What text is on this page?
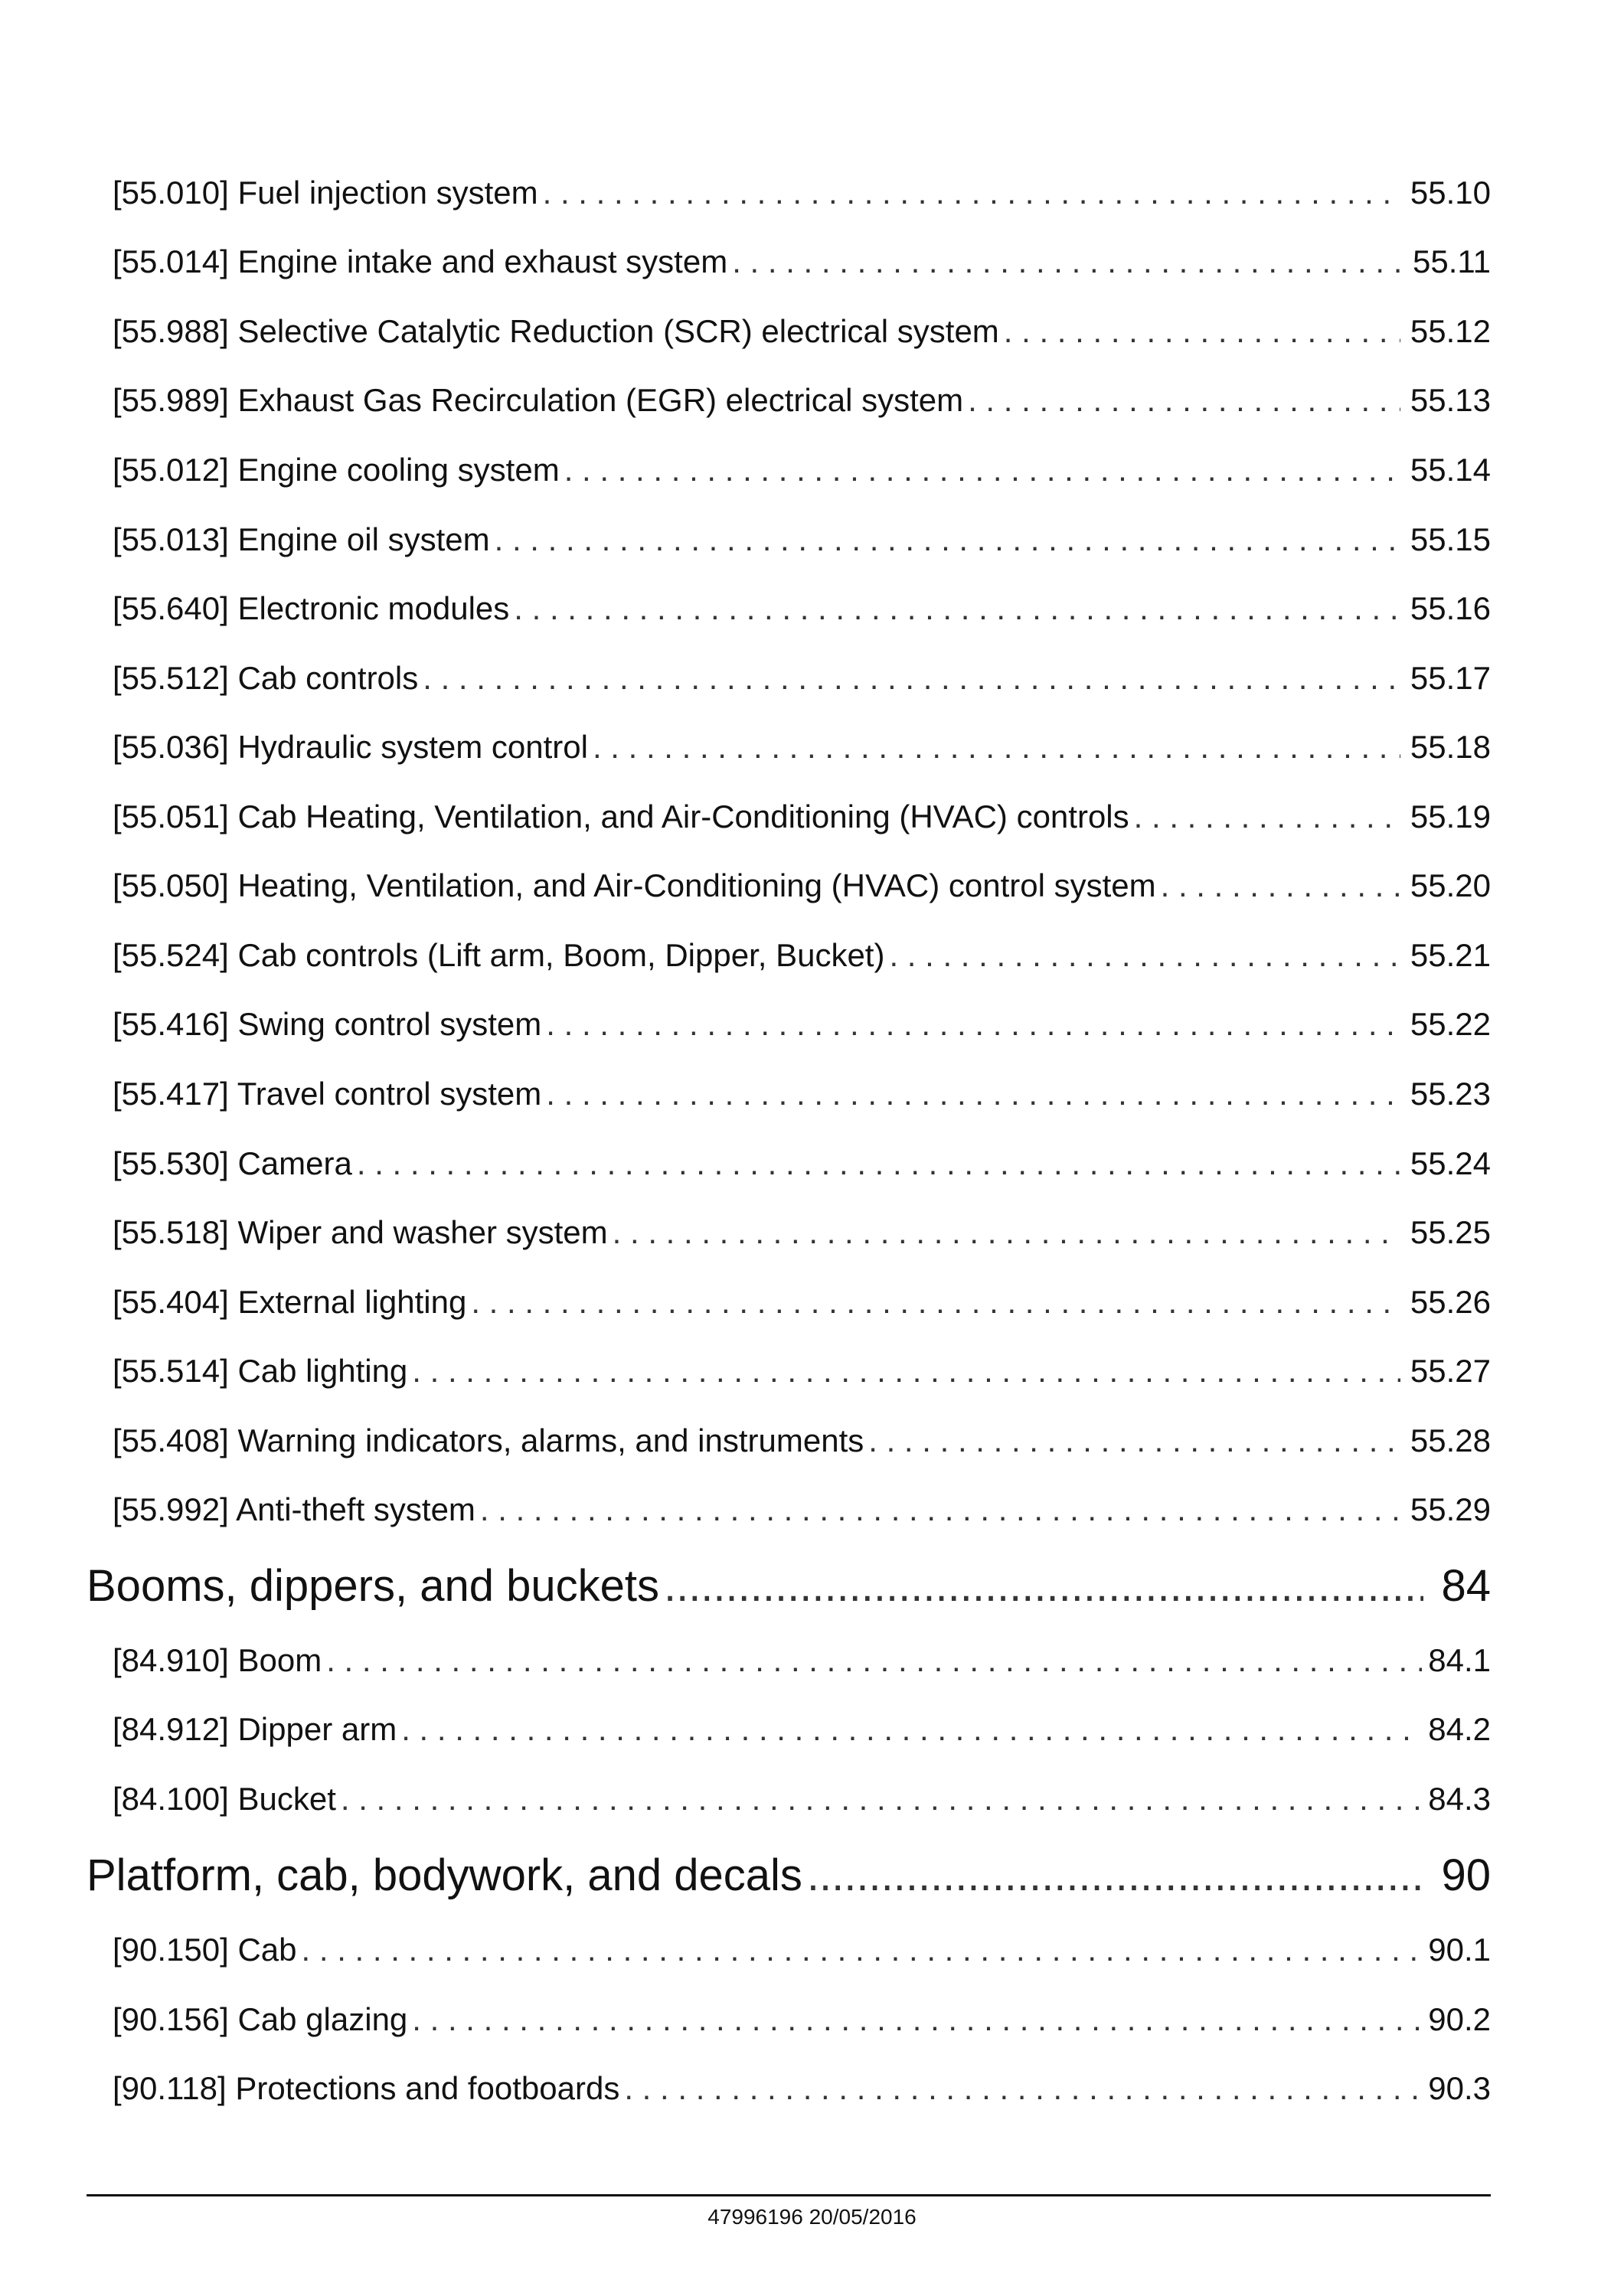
[55.010] Fuel injection system . . .	55.10
[55.014] Engine intake and exhaust system . . .	55.11
[55.988] Selective Catalytic Reduction (SCR) electrical system . . .	55.12
[55.989] Exhaust Gas Recirculation (EGR) electrical system . . .	55.13
[55.012] Engine cooling system . . .	55.14
[55.013] Engine oil system . . .	55.15
[55.640] Electronic modules . . .	55.16
[55.512] Cab controls . . .	55.17
[55.036] Hydraulic system control . . .	55.18
[55.051] Cab Heating, Ventilation, and Air-Conditioning (HVAC) controls . . .	55.19
[55.050] Heating, Ventilation, and Air-Conditioning (HVAC) control system . . .	55.20
[55.524] Cab controls (Lift arm, Boom, Dipper, Bucket) . . .	55.21
[55.416] Swing control system . . .	55.22
[55.417] Travel control system . . .	55.23
[55.530] Camera . . .	55.24
[55.518] Wiper and washer system . . .	55.25
[55.404] External lighting . . .	55.26
[55.514] Cab lighting . . .	55.27
[55.408] Warning indicators, alarms, and instruments . . .	55.28
[55.992] Anti-theft system . . .	55.29
Booms, dippers, and buckets .....	84
[84.910] Boom . . .	84.1
[84.912] Dipper arm . . .	84.2
[84.100] Bucket . . .	84.3
Platform, cab, bodywork, and decals .....	90
[90.150] Cab . . .	90.1
[90.156] Cab glazing . . .	90.2
[90.118] Protections and footboards . . .	90.3
47996196 20/05/2016
